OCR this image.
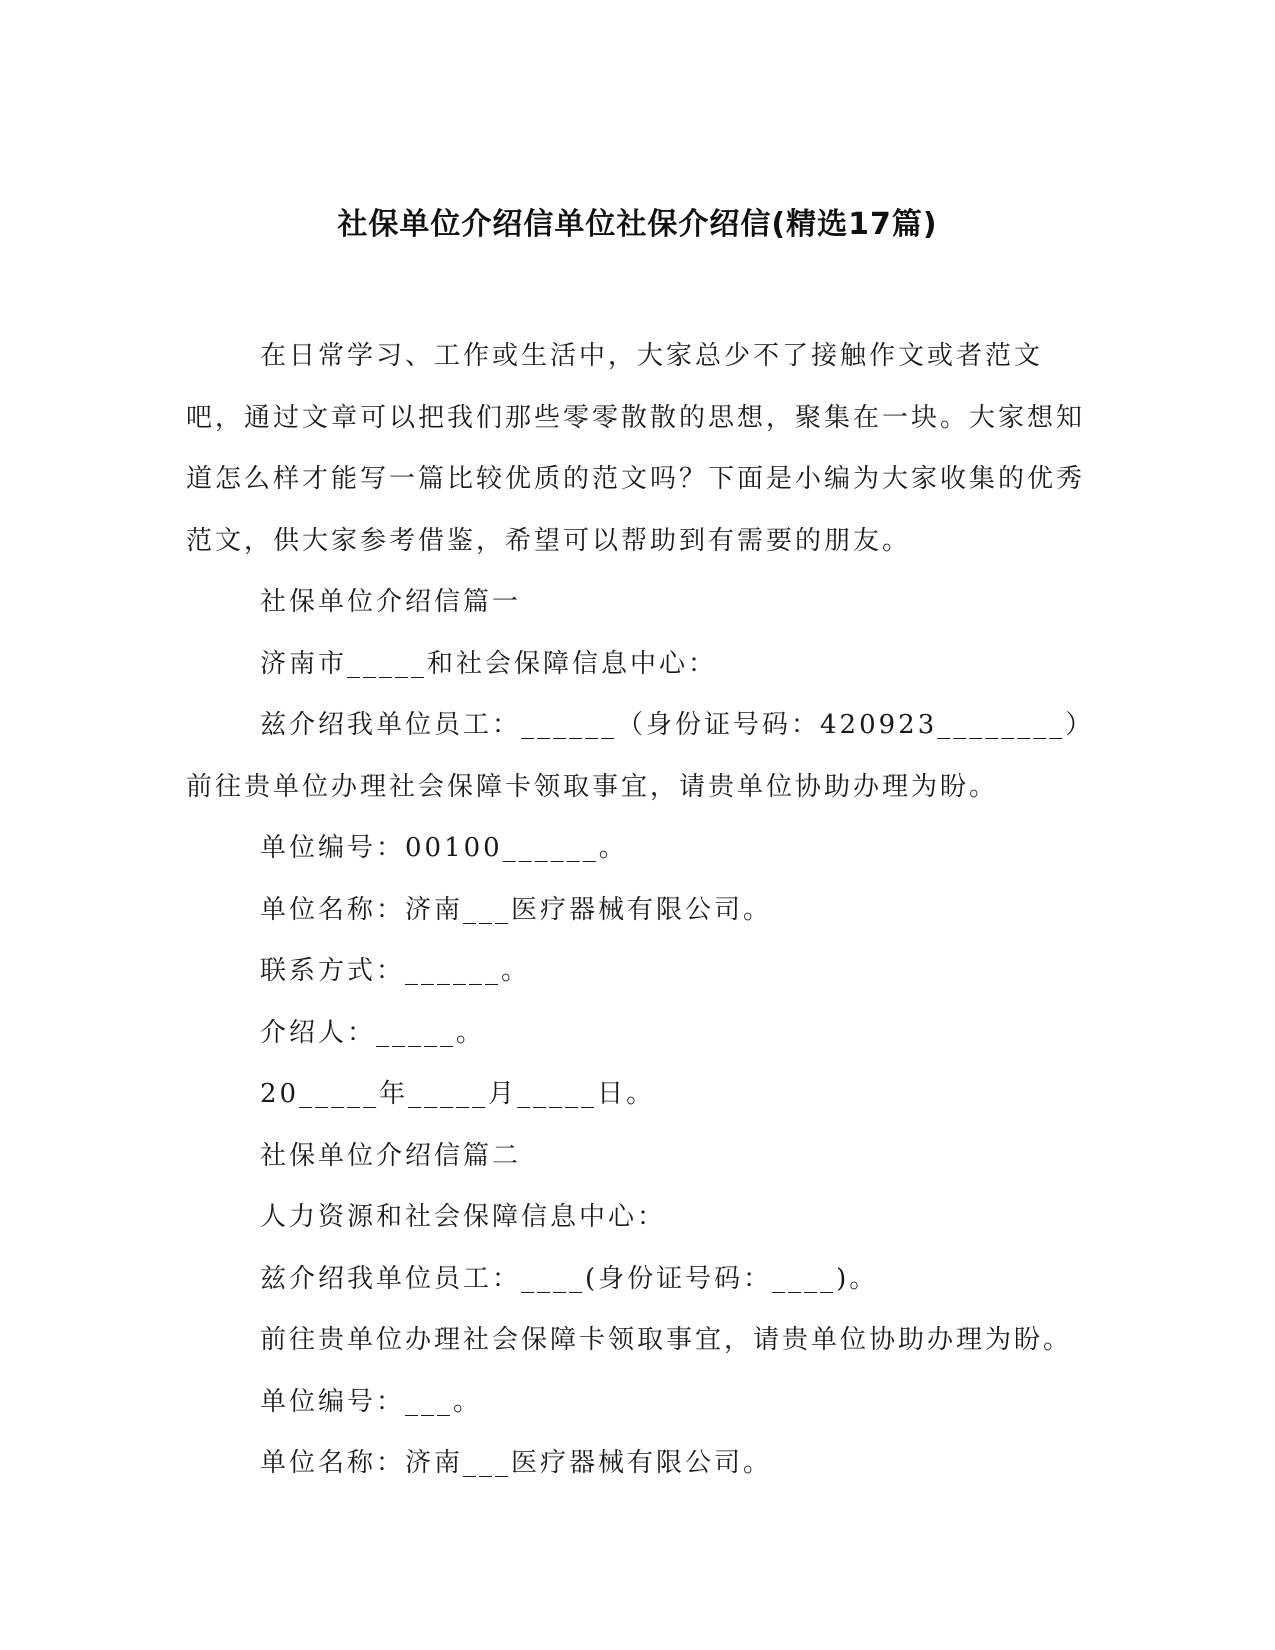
社保单位介绍信单位社保介绍信(精选17篇)

在日常学习、工作或生活中，大家总少不了接触作文或者范文吧，通过文章可以把我们那些零零散散的思想，聚集在一块。大家想知道怎么样才能写一篇比较优质的范文吗？下面是小编为大家收集的优秀范文，供大家参考借鉴，希望可以帮助到有需要的朋友。

社保单位介绍信篇一

济南市_____和社会保障信息中心：

兹介绍我单位员工：______（身份证号码：420923________）前往贵单位办理社会保障卡领取事宜，请贵单位协助办理为盼。

单位编号：00100______。

单位名称：济南___医疗器械有限公司。

联系方式：______。

介绍人：_____。

20_____年_____月_____日。

社保单位介绍信篇二

人力资源和社会保障信息中心：

兹介绍我单位员工：____(身份证号码：____)。

前往贵单位办理社会保障卡领取事宜，请贵单位协助办理为盼。

单位编号：___。

单位名称：济南___医疗器械有限公司。
